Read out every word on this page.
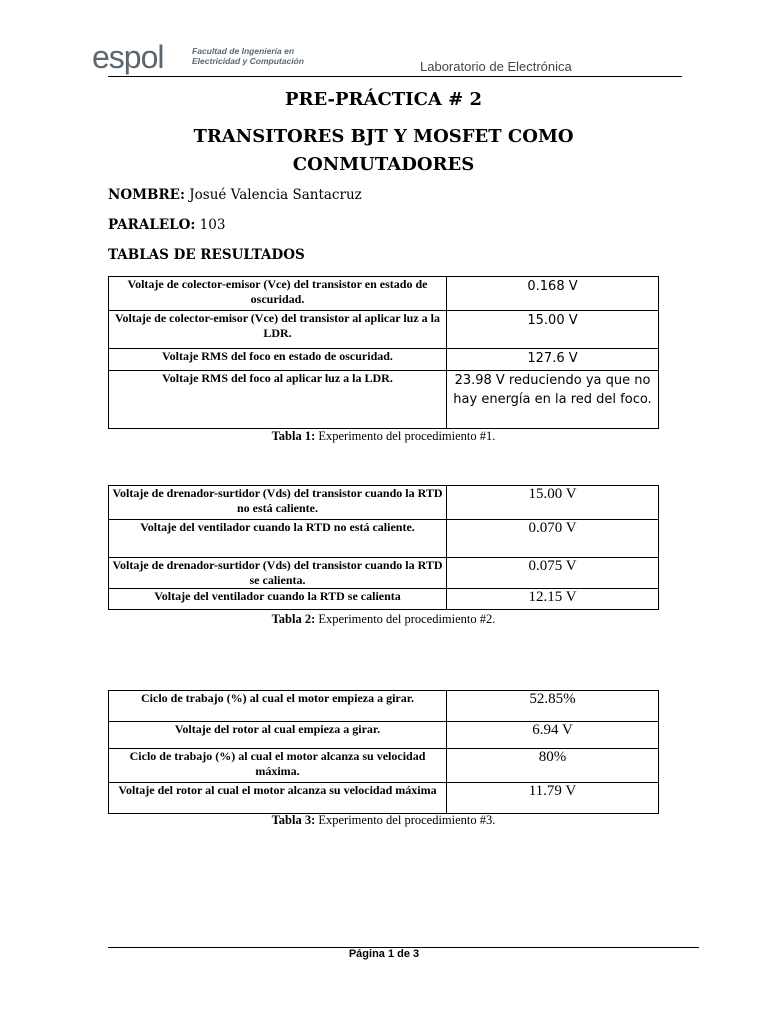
espol	Facultad de Ingeniería en
Electricidad y Computación	Laboratorio de Electrónica
PRE-PRÁCTICA # 2
TRANSITORES BJT Y MOSFET COMO
CONMUTADORES
NOMBRE: Josué Valencia Santacruz
PARALELO: 103
TABLAS DE RESULTADOS
Voltaje de colector-emisor (Vce) del transistor en estado de oscuridad.	0.168 V
Voltaje de colector-emisor (Vce) del transistor al aplicar luz a la LDR.	15.00 V
Voltaje RMS del foco en estado de oscuridad.	127.6 V
Voltaje RMS del foco al aplicar luz a la LDR.	23.98 V reduciendo ya que no hay energía en la red del foco.
Tabla 1: Experimento del procedimiento #1.
Voltaje de drenador-surtidor (Vds) del transistor cuando la RTD no está caliente.	15.00 V
Voltaje del ventilador cuando la RTD no está caliente.	0.070 V
Voltaje de drenador-surtidor (Vds) del transistor cuando la RTD se calienta.	0.075 V
Voltaje del ventilador cuando la RTD se calienta	12.15 V
Tabla 2: Experimento del procedimiento #2.
Ciclo de trabajo (%) al cual el motor empieza a girar.	52.85%
Voltaje del rotor al cual empieza a girar.	6.94 V
Ciclo de trabajo (%) al cual el motor alcanza su velocidad máxima.	80%
Voltaje del rotor al cual el motor alcanza su velocidad máxima	11.79 V
Tabla 3: Experimento del procedimiento #3.
Página 1 de 3
